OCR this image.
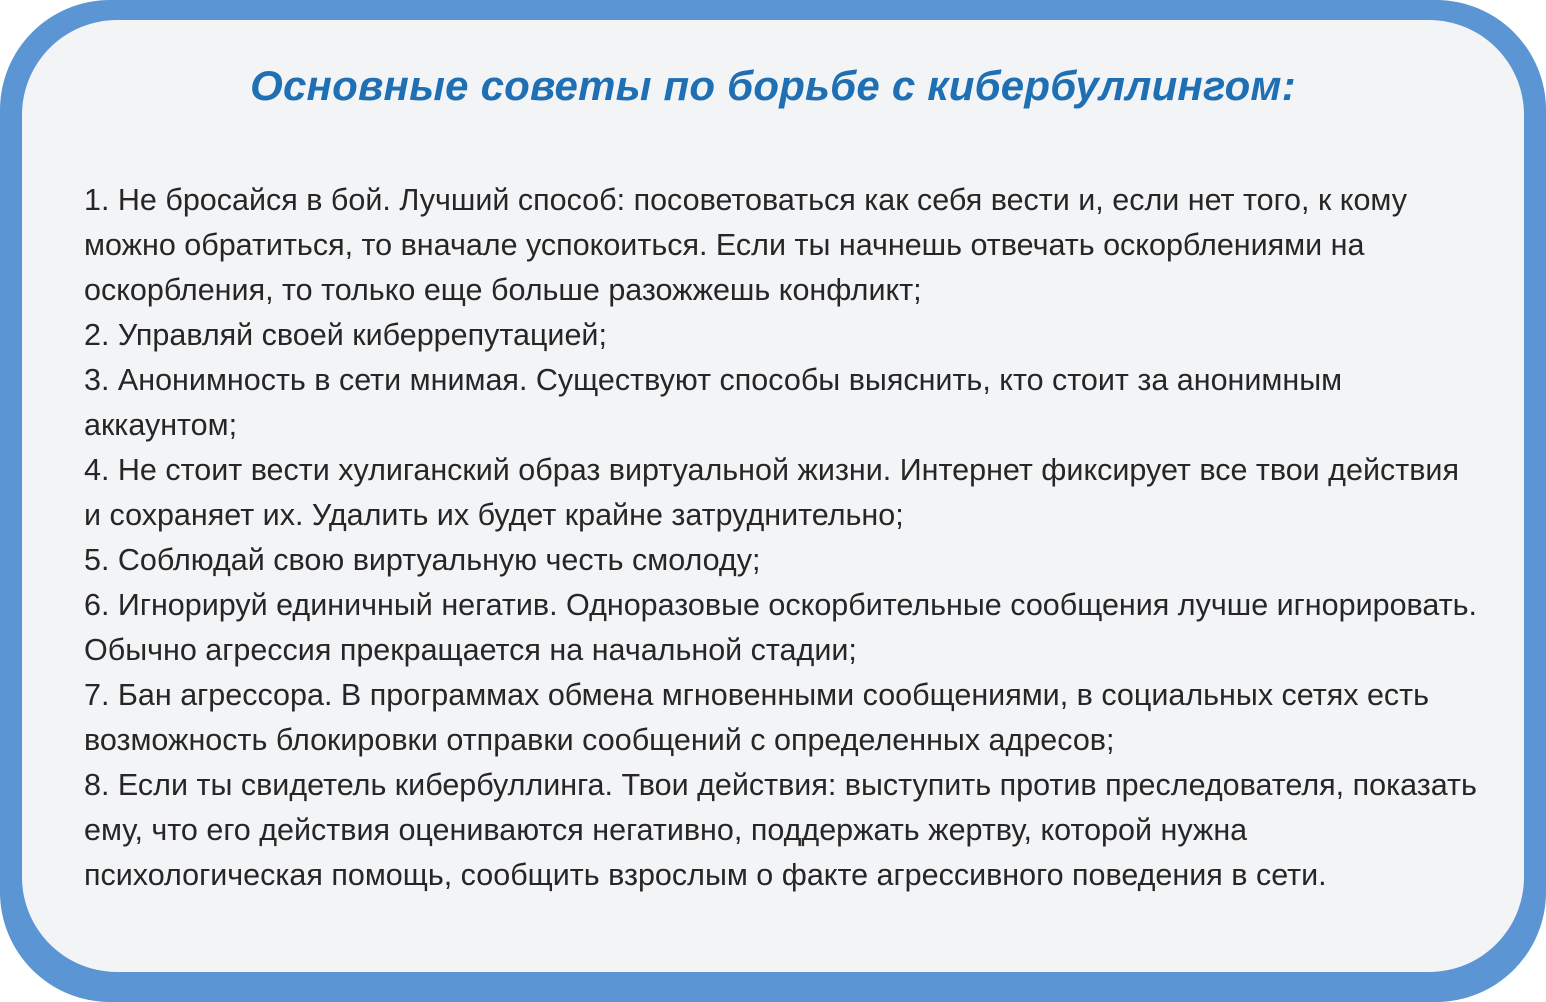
Основные советы по борьбе с кибербуллингом:

1. Не бросайся в бой. Лучший способ: посоветоваться как себя вести и, если нет того, к кому можно обратиться, то вначале успокоиться. Если ты начнешь отвечать оскорблениями на оскорбления, то только еще больше разожжешь конфликт;

2. Управляй своей киберрепутацией;

3. Анонимность в сети мнимая. Существуют способы выяснить, кто стоит за анонимным аккаунтом;

4. Не стоит вести хулиганский образ виртуальной жизни. Интернет фиксирует все твои действия и сохраняет их. Удалить их будет крайне затруднительно;

5. Соблюдай свою виртуальную честь смолоду;

6. Игнорируй единичный негатив. Одноразовые оскорбительные сообщения лучше игнорировать. Обычно агрессия прекращается на начальной стадии;

7. Бан агрессора. В программах обмена мгновенными сообщениями, в социальных сетях есть возможность блокировки отправки сообщений с определенных адресов;

8. Если ты свидетель кибербуллинга. Твои действия: выступить против преследователя, показать ему, что его действия оцениваются негативно, поддержать жертву, которой нужна психологическая помощь, сообщить взрослым о факте агрессивного поведения в сети.
